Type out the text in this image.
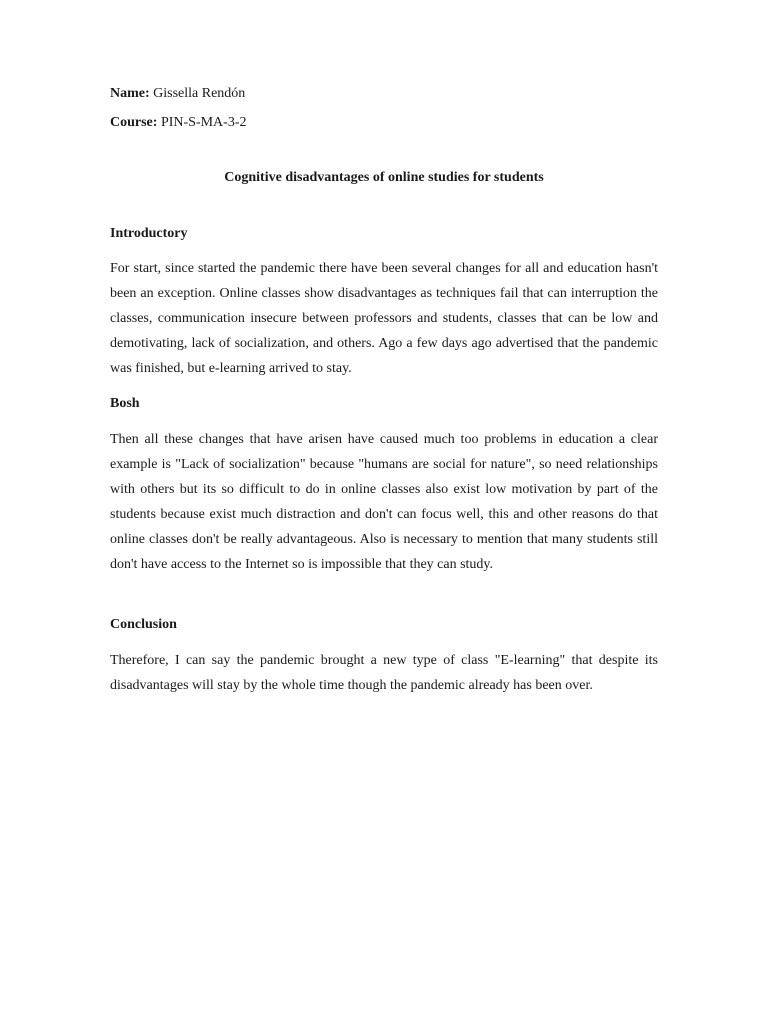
Name: Gissella Rendón
Course: PIN-S-MA-3-2
Cognitive disadvantages of online studies for students
Introductory

For start, since started the pandemic there have been several changes for all and education hasn't been an exception. Online classes show disadvantages as techniques fail that can interruption the classes, communication insecure between professors and students, classes that can be low and demotivating, lack of socialization, and others. Ago a few days ago advertised that the pandemic was finished, but e-learning arrived to stay.

Bosh

Then all these changes that have arisen have caused much too problems in education a clear example is "Lack of socialization" because "humans are social for nature", so need relationships with others but its so difficult to do in online classes also exist low motivation by part of the students because exist much distraction and don't can focus well, this and other reasons do that online classes don't be really advantageous. Also is necessary to mention that many students still don't have access to the Internet so is impossible that they can study.

Conclusion

Therefore, I can say the pandemic brought a new type of class "E-learning" that despite its disadvantages will stay by the whole time though the pandemic already has been over.
